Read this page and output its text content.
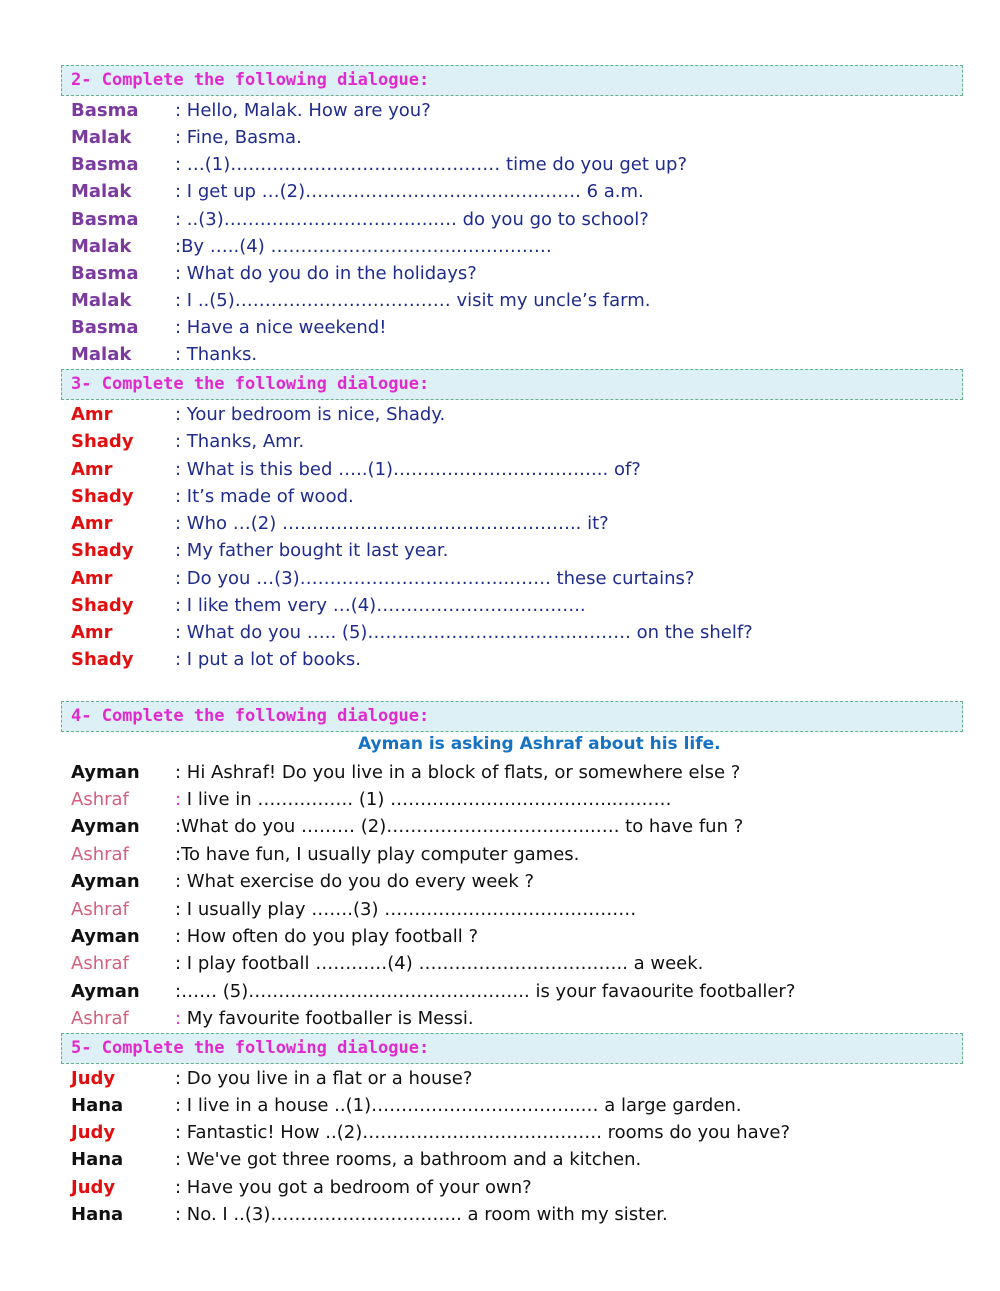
2- Complete the following dialogue:
Basma : Hello, Malak. How are you?
Malak : Fine, Basma.
Basma : …(1)……………………………………… time do you get up?
Malak : I get up …(2)………………………………………. 6 a.m.
Basma : ..(3)……………………………..…. do you go to school?
Malak :By …..(4) …………………………..……………
Basma : What do you do in the holidays?
Malak : I ..(5)……………………………… visit my uncle’s farm.
Basma : Have a nice weekend!
Malak : Thanks.
3- Complete the following dialogue:
Amr	: Your bedroom is nice, Shady.
Shady : Thanks, Amr.
Amr	: What is this bed …..(1)……………………………... of?
Shady : It’s made of wood.
Amr	: Who …(2) ………………………………………….. it?
Shady : My father bought it last year.
Amr	: Do you …(3)……………………………..……. these curtains?
Shady : I like them very …(4)……………………………..
Amr	: What do you ….. (5)…………………………….………. on the shelf?
Shady : I put a lot of books.
4- Complete the following dialogue:
Ayman is asking Ashraf about his life.
Ayman : Hi Ashraf! Do you live in a block of flats, or somewhere else ?
Ashraf	: I live in ……………. (1) ………………………………..………
Ayman :What do you ……… (2)……………………………..…. to have fun ?
Ashraf	:To have fun, I usually play computer games.
Ayman : What exercise do you do every week ?
Ashraf	: I usually play …….(3) ……………………………………
Ayman : How often do you play football ?
Ashraf	: I play football …………(4) …………………………….. a week.
Ayman :…… (5)……………………………………….. is your favaourite footballer?
Ashraf	: My favourite footballer is Messi.
5- Complete the following dialogue:
Judy	: Do you live in a flat or a house?
Hana	: I live in a house ..(1)……………………………..… a large garden.
Judy	: Fantastic! How ..(2)…………………………………. rooms do you have?
Hana	: We've got three rooms, a bathroom and a kitchen.
Judy	: Have you got a bedroom of your own?
Hana	: No. I ..(3)………………………….. a room with my sister.
